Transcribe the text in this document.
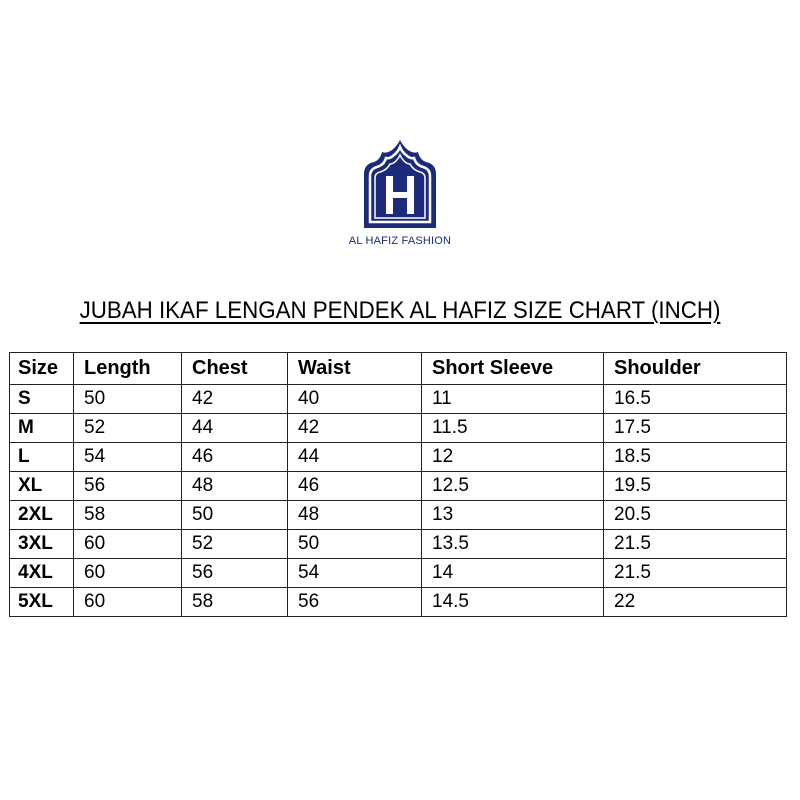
AL HAFIZ FASHION
JUBAH IKAF LENGAN PENDEK AL HAFIZ SIZE CHART (INCH)
Size	Length	Chest	Waist	Short Sleeve	Shoulder
S	50	42	40	11	16.5
M	52	44	42	11.5	17.5
L	54	46	44	12	18.5
XL	56	48	46	12.5	19.5
2XL	58	50	48	13	20.5
3XL	60	52	50	13.5	21.5
4XL	60	56	54	14	21.5
5XL	60	58	56	14.5	22
